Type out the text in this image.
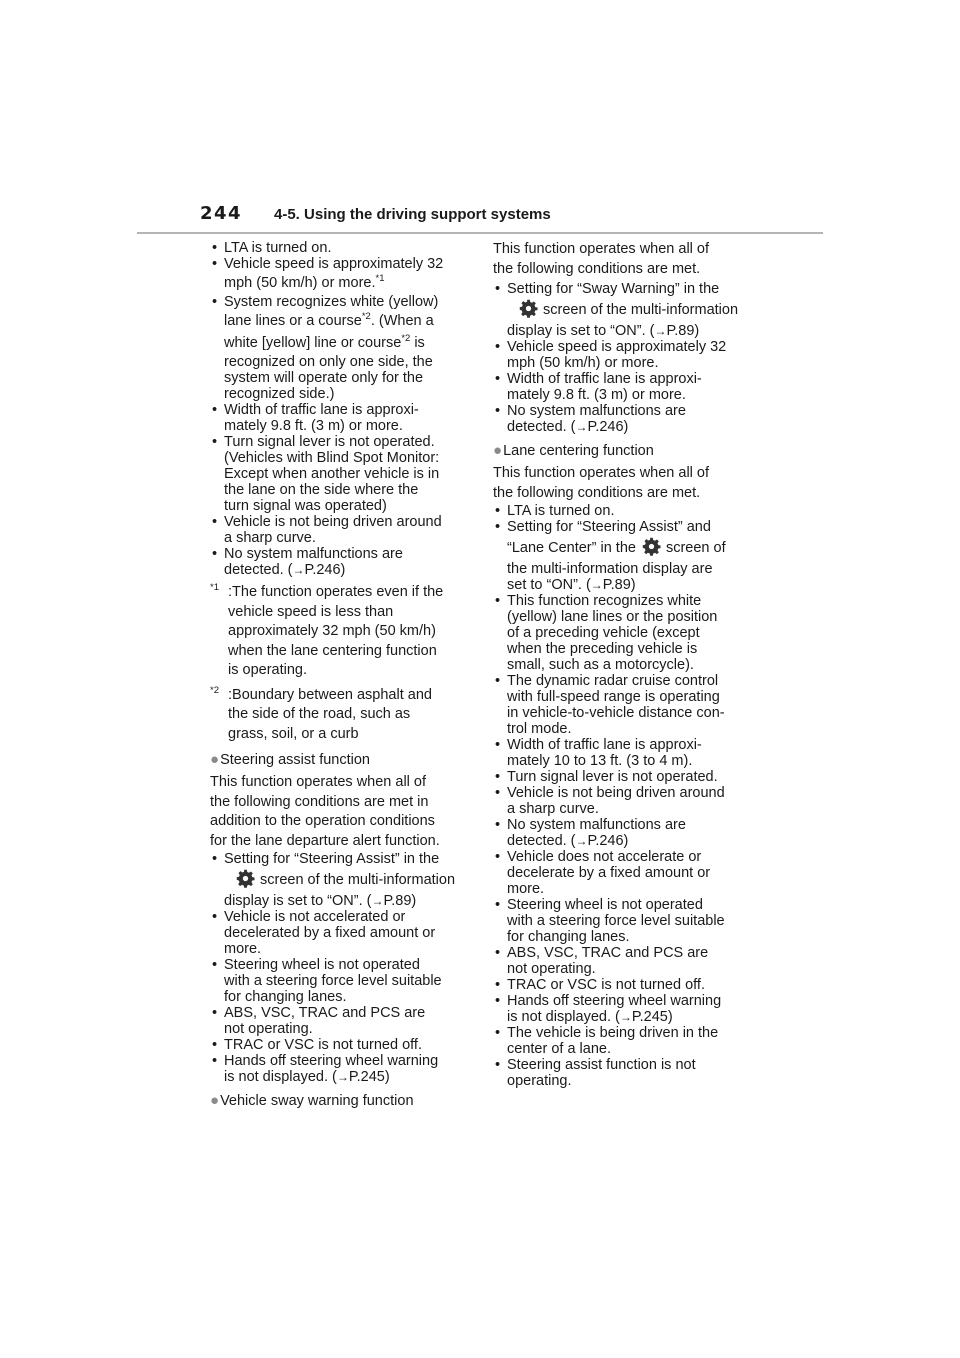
244 4-5. Using the driving support systems
• LTA is turned on.
• Vehicle speed is approximately 32
mph (50 km/h) or more.$^{*1}$
• System recognizes white (yellow)
lane lines or a course$^{*2}$. (When a
white [yellow] line or course$^{*2}$ is
recognized on only one side, the
system will operate only for the
recognized side.)
• Width of traffic lane is approxi-
mately 9.8 ft. (3 m) or more.
• Turn signal lever is not operated.
(Vehicles with Blind Spot Monitor:
Except when another vehicle is in
the lane on the side where the
turn signal was operated)
• Vehicle is not being driven around
a sharp curve.
• No system malfunctions are
detected. (→P.246)
$^{*1}$ :The function operates even if the
vehicle speed is less than
approximately 32 mph (50 km/h)
when the lane centering function
is operating.
$^{*2}$ :Boundary between asphalt and
the side of the road, such as
grass, soil, or a curb
●Steering assist function
This function operates when all of
the following conditions are met in
addition to the operation conditions
for the lane departure alert function.
• Setting for “Steering Assist” in the

screen of the multi-information
display is set to “ON”. (→P.89)
• Vehicle is not accelerated or
decelerated by a fixed amount or
more.
• Steering wheel is not operated
with a steering force level suitable
for changing lanes.
• ABS, VSC, TRAC and PCS are
not operating.
• TRAC or VSC is not turned off.
• Hands off steering wheel warning
is not displayed. (→P.245)
●Vehicle sway warning function
This function operates when all of
the following conditions are met.
• Setting for “Sway Warning” in the

screen of the multi-information
display is set to “ON”. (→P.89)
• Vehicle speed is approximately 32
mph (50 km/h) or more.
• Width of traffic lane is approxi-
mately 9.8 ft. (3 m) or more.
• No system malfunctions are
detected. (→P.246)
●Lane centering function
This function operates when all of
the following conditions are met.
• LTA is turned on.
• Setting for “Steering Assist” and
“Lane Center” in the screen of
the multi-information display are
set to “ON”. (→P.89)
• This function recognizes white
(yellow) lane lines or the position
of a preceding vehicle (except
when the preceding vehicle is
small, such as a motorcycle).
• The dynamic radar cruise control
with full-speed range is operating
in vehicle-to-vehicle distance con-
trol mode.
• Width of traffic lane is approxi-
mately 10 to 13 ft. (3 to 4 m).
• Turn signal lever is not operated.
• Vehicle is not being driven around
a sharp curve.
• No system malfunctions are
detected. (→P.246)
• Vehicle does not accelerate or
decelerate by a fixed amount or
more.
• Steering wheel is not operated
with a steering force level suitable
for changing lanes.
• ABS, VSC, TRAC and PCS are
not operating.
• TRAC or VSC is not turned off.
• Hands off steering wheel warning
is not displayed. (→P.245)
• The vehicle is being driven in the
center of a lane.
• Steering assist function is not
operating.
